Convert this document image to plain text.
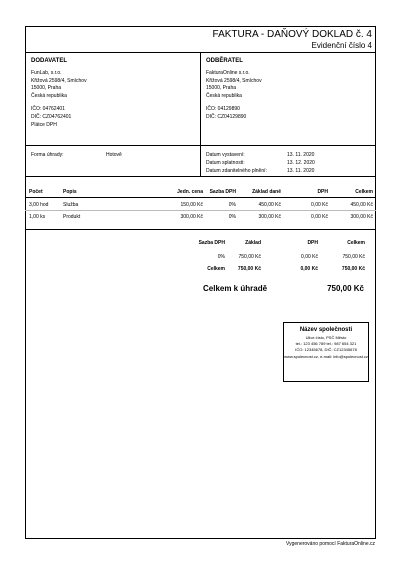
FAKTURA - DAŇOVÝ DOKLAD č. 4
Evidenční číslo 4
DODAVATEL
FunLab, s.r.o.
Křižová 2598/4, Smíchov
15000, Praha
Česká republika
IČO: 04762401
DIČ: CZ04762401
Plátce DPH
ODBĚRATEL
FakturaOnline s.r.o.
Křižová 2598/4, Smíchov
15000, Praha
Česká republika
IČO: 04129890
DIČ: CZ04129890
Forma úhrady:	Hotově	Datum vystavení:	13. 11. 2020
Datum splatnosti:	13. 12. 2020
Datum zdanitelného plnění:	13. 11. 2020
Počet	Popis	Jedn. cena	Sazba DPH	Základ daně	DPH	Celkem
3,00 hod	Služba	150,00 Kč	0%	450,00 Kč	0,00 Kč	450,00 Kč
1,00 ks	Produkt	300,00 Kč	0%	300,00 Kč	0,00 Kč	300,00 Kč
Sazba DPH	Základ	DPH	Celkem
0%	750,00 Kč	0,00 Kč	750,00 Kč
Celkem	750,00 Kč	0,00 Kč	750,00 Kč
Celkem k úhradě	750,00 Kč
Název společnosti
Ulice číslo, PSČ Město
tel.: 123 456 789 tel.: 987 654 321
IČO: 12345678, DIČ: CZ12345678
www.spolecnost.cz, e-mail: info@spolecnost.cz
Vygenerováno pomocí FakturaOnline.cz
